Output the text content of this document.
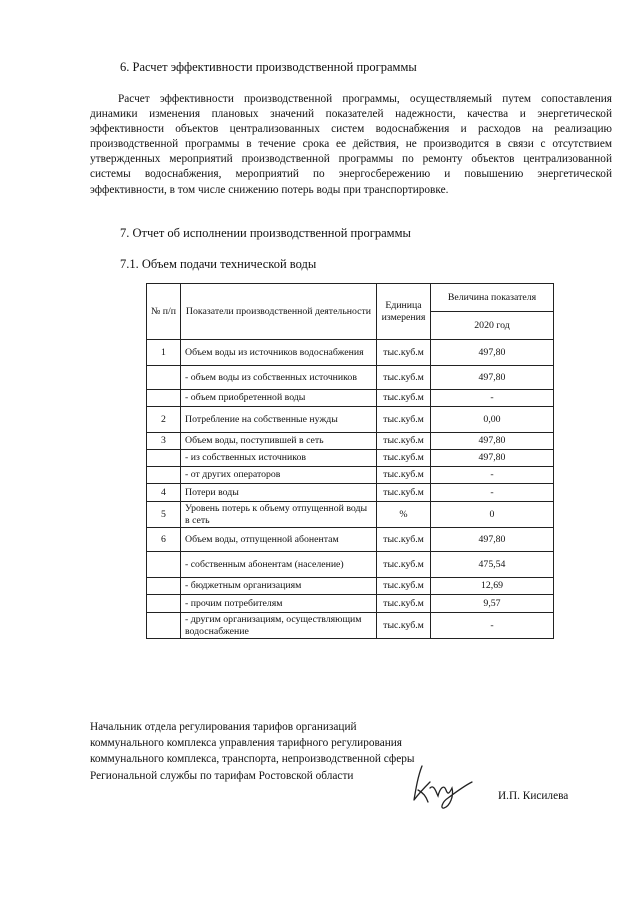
6. Расчет эффективности производственной программы
Расчет эффективности производственной программы, осуществляемый путем сопоставления динамики изменения плановых значений показателей надежности, качества и энергетической эффективности объектов централизованных систем водоснабжения и расходов на реализацию производственной программы в течение срока ее действия, не производится в связи с отсутствием утвержденных мероприятий производственной программы по ремонту объектов централизованной системы водоснабжения, мероприятий по энергосбережению и повышению энергетической эффективности, в том числе снижению потерь воды при транспортировке.
7. Отчет об исполнении производственной программы
7.1. Объем подачи технической воды
№ п/п	Показатели производственной деятельности	Единица измерения	Величина показателя
			2020 год
1	Объем воды из источников водоснабжения	тыс.куб.м	497,80
	- объем воды из собственных источников	тыс.куб.м	497,80
	- объем приобретенной воды	тыс.куб.м	-
2	Потребление на собственные нужды	тыс.куб.м	0,00
3	Объем воды, поступившей в сеть	тыс.куб.м	497,80
	- из собственных источников	тыс.куб.м	497,80
	- от других операторов	тыс.куб.м	-
4	Потери воды	тыс.куб.м	-
5	Уровень потерь к объему отпущенной воды в сеть	%	0
6	Объем воды, отпущенной абонентам	тыс.куб.м	497,80
	- собственным абонентам (население)	тыс.куб.м	475,54
	- бюджетным организациям	тыс.куб.м	12,69
	- прочим потребителям	тыс.куб.м	9,57
	- другим организациям, осуществляющим водоснабжение	тыс.куб.м	-
Начальник отдела регулирования тарифов организаций коммунального комплекса управления тарифного регулирования коммунального комплекса, транспорта, непроизводственной сферы Региональной службы по тарифам Ростовской области
И.П. Кисилева
